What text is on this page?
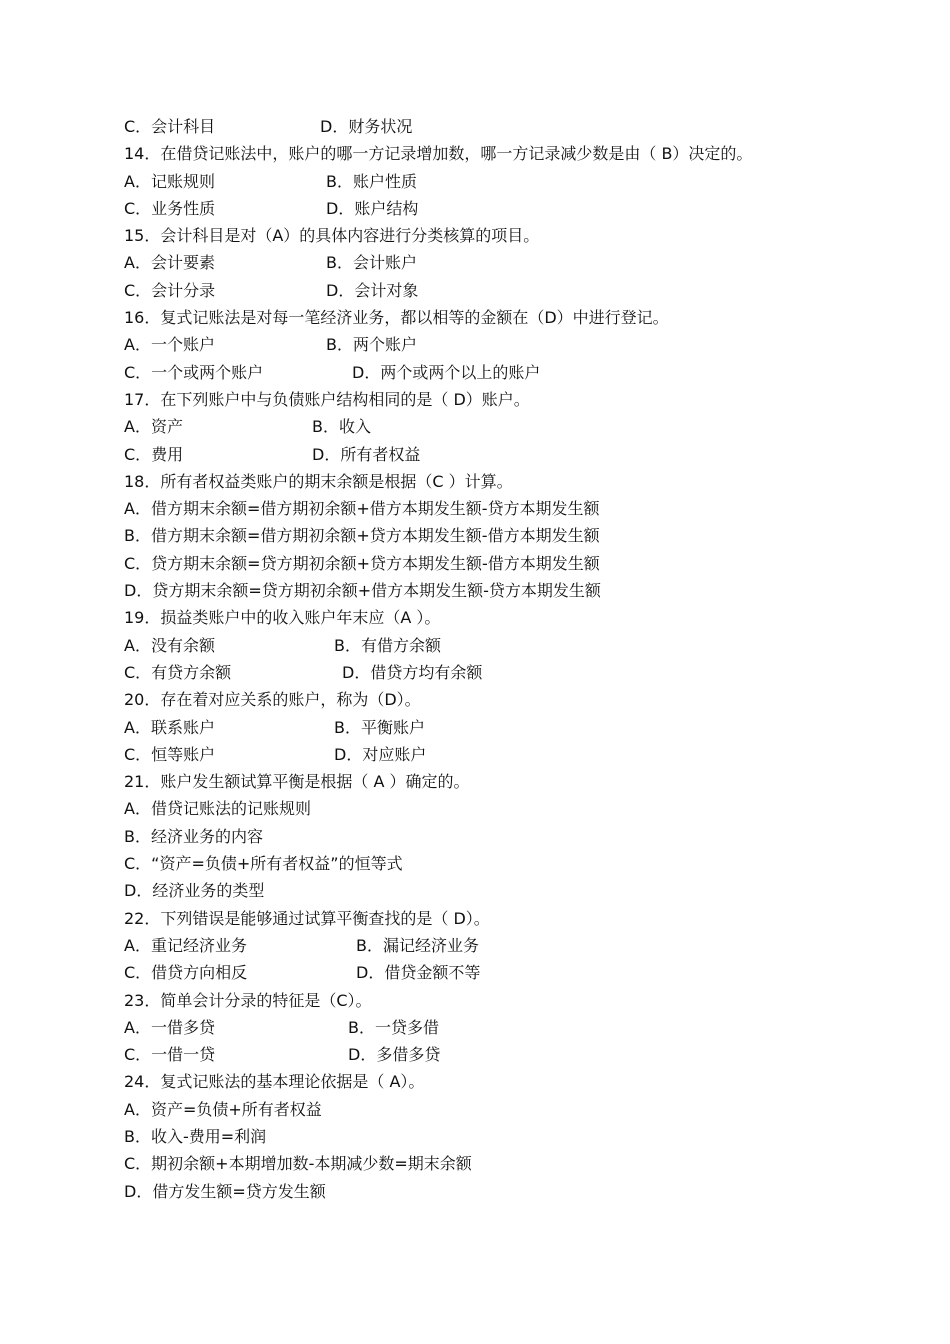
C．会计科目	D．财务状况
14．在借贷记账法中，账户的哪一方记录增加数，哪一方记录减少数是由（ B）决定的。
A．记账规则	B．账户性质
C．业务性质	D．账户结构
15．会计科目是对（A）的具体内容进行分类核算的项目。
A．会计要素	B．会计账户
C．会计分录	D．会计对象
16．复式记账法是对每一笔经济业务，都以相等的金额在（D）中进行登记。
A．一个账户	B．两个账户
C．一个或两个账户	D．两个或两个以上的账户
17．在下列账户中与负债账户结构相同的是（ D）账户。
A．资产	B．收入
C．费用	D．所有者权益
18．所有者权益类账户的期末余额是根据（C ）计算。
A．借方期末余额=借方期初余额+借方本期发生额-贷方本期发生额
B．借方期末余额=借方期初余额+贷方本期发生额-借方本期发生额
C．贷方期末余额=贷方期初余额+贷方本期发生额-借方本期发生额
D．贷方期末余额=贷方期初余额+借方本期发生额-贷方本期发生额
19．损益类账户中的收入账户年末应（A ）。
A．没有余额	B．有借方余额
C．有贷方余额	D．借贷方均有余额
20．存在着对应关系的账户，称为（D）。
A．联系账户	B．平衡账户
C．恒等账户	D．对应账户
21．账户发生额试算平衡是根据（ A ）确定的。
A．借贷记账法的记账规则
B．经济业务的内容
C．“资产=负债+所有者权益”的恒等式
D．经济业务的类型
22．下列错误是能够通过试算平衡查找的是（ D）。
A．重记经济业务	B．漏记经济业务
C．借贷方向相反	D．借贷金额不等
23．简单会计分录的特征是（C）。
A．一借多贷	B．一贷多借
C．一借一贷	D．多借多贷
24．复式记账法的基本理论依据是（ A）。
A．资产=负债+所有者权益
B．收入-费用=利润
C．期初余额+本期增加数-本期减少数=期末余额
D．借方发生额=贷方发生额
